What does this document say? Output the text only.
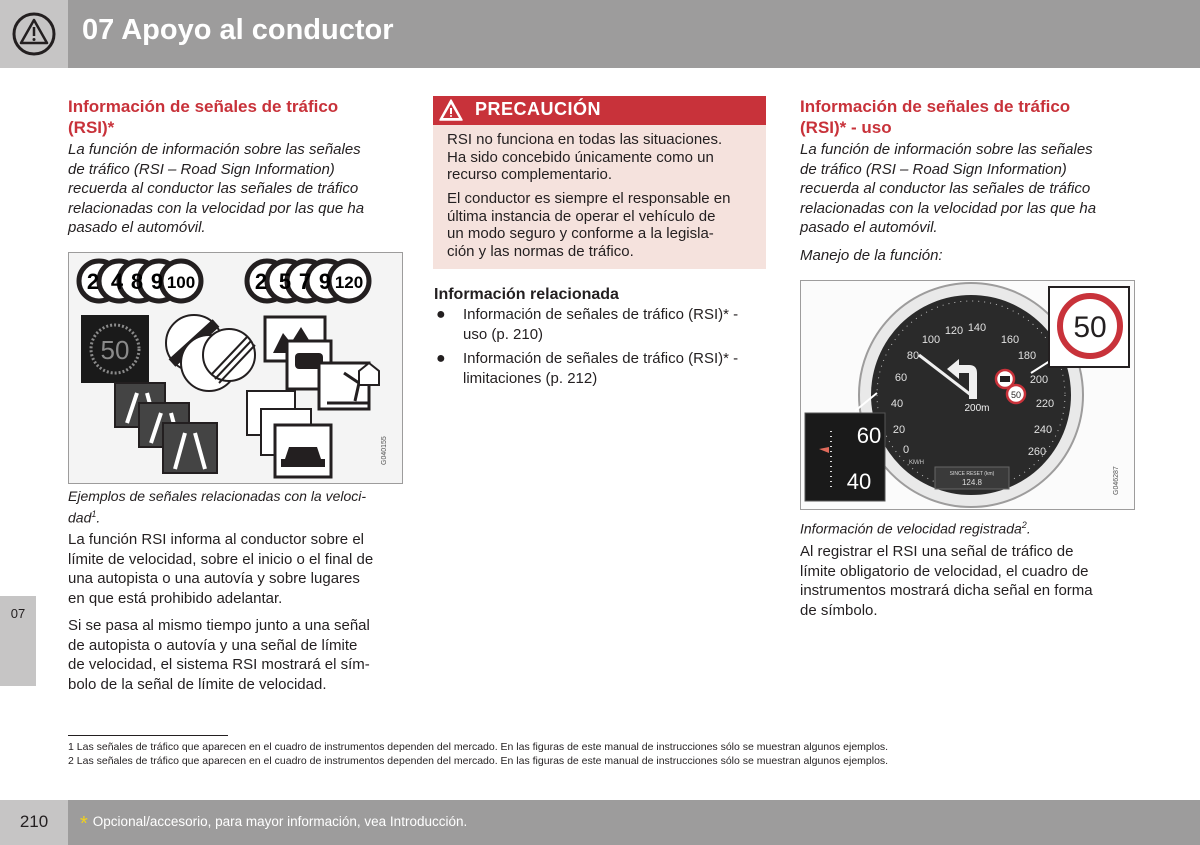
07 Apoyo al conductor
07
Información de señales de tráfico (RSI)*
La función de información sobre las señales
de tráfico (RSI – Road Sign Information)
recuerda al conductor las señales de tráfico
relacionadas con la velocidad por las que ha
pasado el automóvil.
2 4 8 9 100	2 5 7 9 120
50
G040155
Ejemplos de señales relacionadas con la veloci-
dad$^1$.
La función RSI informa al conductor sobre el
límite de velocidad, sobre el inicio o el final de
una autopista o una autovía y sobre lugares
en que está prohibido adelantar.
Si se pasa al mismo tiempo junto a una señal
de autopista o autovía y una señal de límite
de velocidad, el sistema RSI mostrará el sím-
bolo de la señal de límite de velocidad.
PRECAUCIÓN
RSI no funciona en todas las situaciones.
Ha sido concebido únicamente como un
recurso complementario.
El conductor es siempre el responsable en
última instancia de operar el vehículo de
un modo seguro y conforme a la legisla-
ción y las normas de tráfico.
Información relacionada
● Información de señales de tráfico (RSI)* -
uso (p. 210)
● Información de señales de tráfico (RSI)* -
limitaciones (p. 212)
Información de señales de tráfico
(RSI)* - uso
La función de información sobre las señales
de tráfico (RSI – Road Sign Information)
recuerda al conductor las señales de tráfico
relacionadas con la velocidad por las que ha
pasado el automóvil.
Manejo de la función:
0
20
40
60
80
100
120 140
160
180
200
220
240
260
KM/H
200m
SINCE RESET (km)
124.8
50
50
60
40	G046287
Información de velocidad registrada$^2$.
Al registrar el RSI una señal de tráfico de
límite obligatorio de velocidad, el cuadro de
instrumentos mostrará dicha señal en forma
de símbolo.
1 Las señales de tráfico que aparecen en el cuadro de instrumentos dependen del mercado. En las figuras de este manual de instrucciones sólo se muestran algunos ejemplos.
2 Las señales de tráfico que aparecen en el cuadro de instrumentos dependen del mercado. En las figuras de este manual de instrucciones sólo se muestran algunos ejemplos.
210	* Opcional/accesorio, para mayor información, vea Introducción.
